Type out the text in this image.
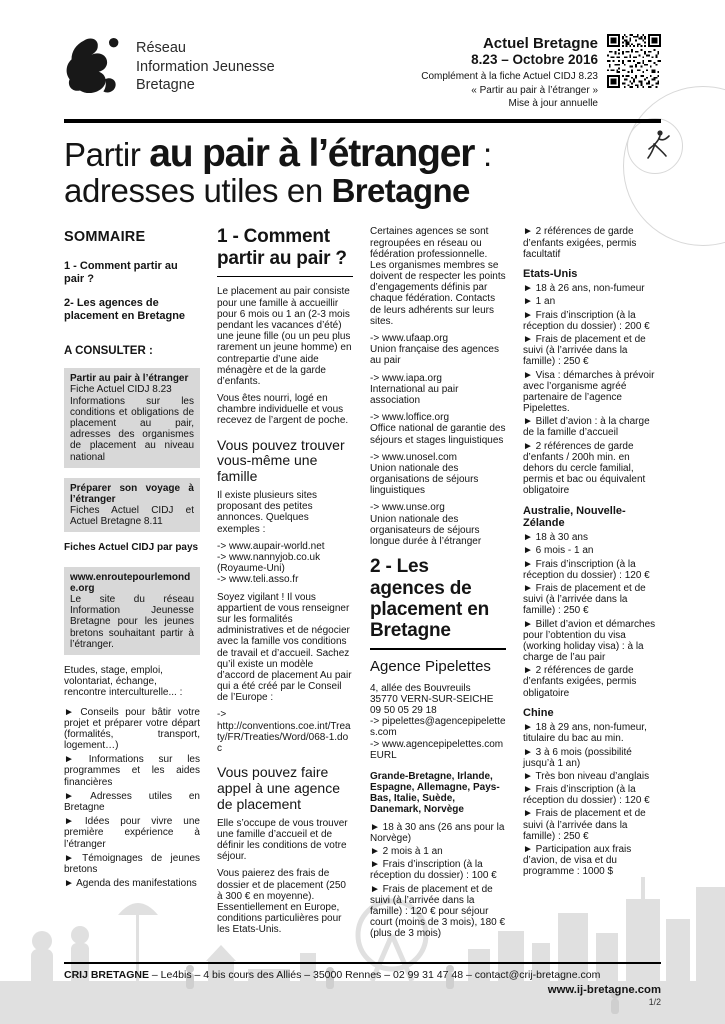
Réseau
Information Jeunesse
Bretagne
Actuel Bretagne
8.23 – Octobre 2016
Complément à la fiche Actuel CIDJ 8.23
« Partir au pair à l’étranger »
Mise à jour annuelle
Partir au pair à l’étranger :
adresses utiles en Bretagne
SOMMAIRE

1 - Comment partir au pair ?

2- Les agences de placement en Bretagne

A CONSULTER :

Partir au pair à l’étranger

Fiche Actuel CIDJ 8.23

Informations sur les conditions et obligations de placement au pair, adresses des organismes de placement au niveau national

Préparer son voyage à l’étranger

Fiches Actuel CIDJ et Actuel Bretagne 8.11

Fiches Actuel CIDJ par pays

www.enroutepourlemonde.org

Le site du réseau Information Jeunesse Bretagne pour les jeunes bretons souhaitant partir à l’étranger.

Etudes, stage, emploi, volontariat, échange, rencontre interculturelle... :

► Conseils pour bâtir votre projet et préparer votre départ (formalités, transport, logement…)

► Informations sur les programmes et les aides financières

► Adresses utiles en Bretagne

► Idées pour vivre une première expérience à l’étranger

► Témoignages de jeunes bretons

► Agenda des manifestations

1 - Comment partir au pair ?

Le placement au pair consiste pour une famille à accueillir pour 6 mois ou 1 an (2-3 mois pendant les vacances d’été) une jeune fille (ou un peu plus rarement un jeune homme) en contrepartie d’une aide ménagère et de la garde d’enfants.

Vous êtes nourri, logé en chambre individuelle et vous recevez de l’argent de poche.

Vous pouvez trouver vous-même une famille

Il existe plusieurs sites proposant des petites annonces. Quelques exemples :

-> www.aupair-world.net

-> www.nannyjob.co.uk (Royaume-Uni)

-> www.teli.asso.fr

Soyez vigilant ! Il vous appartient de vous renseigner sur les formalités administratives et de négocier avec la famille vos conditions de travail et d’accueil. Sachez qu’il existe un modèle d’accord de placement Au pair qui a été créé par le Conseil de l’Europe :

->

http://conventions.coe.int/Treaty/FR/Treaties/Word/068-1.doc

Vous pouvez faire appel à une agence de placement

Elle s’occupe de vous trouver une famille d’accueil et de définir les conditions de votre séjour.

Vous paierez des frais de dossier et de placement (250 à 300 € en moyenne). Essentiellement en Europe, conditions particulières pour les Etats-Unis.

Certaines agences se sont regroupées en réseau ou fédération professionnelle. Les organismes membres se doivent de respecter les points d’engagements définis par chaque fédération. Contacts de leurs adhérents sur leurs sites.

-> www.ufaap.org

Union française des agences au pair

-> www.iapa.org

International au pair association

-> www.loffice.org

Office national de garantie des séjours et stages linguistiques

-> www.unosel.com

Union nationale des organisations de séjours linguistiques

-> www.unse.org

Union nationale des organisateurs de séjours longue durée à l’étranger

2 - Les agences de placement en Bretagne
Agence Pipelettes

4, allée des Bouvreuils

35770 VERN-SUR-SEICHE

09 50 05 29 18

-> pipelettes@agencepipelettes.com

-> www.agencepipelettes.com

EURL

Grande-Bretagne, Irlande, Espagne, Allemagne, Pays-Bas, Italie, Suède, Danemark, Norvège

► 18 à 30 ans (26 ans pour la Norvège)

► 2 mois à 1 an

► Frais d’inscription (à la réception du dossier) : 100 €

► Frais de placement et de suivi (à l’arrivée dans la famille) : 120 € pour séjour court (moins de 3 mois), 180 € (plus de 3 mois)

► 2 références de garde d’enfants exigées, permis facultatif

Etats-Unis

► 18 à 26 ans, non-fumeur

► 1 an

► Frais d’inscription (à la réception du dossier) : 200 €

► Frais de placement et de suivi (à l’arrivée dans la famille) : 250 €

► Visa : démarches à prévoir avec l’organisme agréé partenaire de l’agence Pipelettes.

► Billet d’avion : à la charge de la famille d’accueil

► 2 références de garde d’enfants / 200h min. en dehors du cercle familial, permis et bac ou équivalent obligatoire

Australie, Nouvelle-Zélande

► 18 à 30 ans

► 6 mois - 1 an

► Frais d’inscription (à la réception du dossier) : 120 €

► Frais de placement et de suivi (à l’arrivée dans la famille) : 250 €

► Billet d’avion et démarches pour l’obtention du visa (working holiday visa) : à la charge de l’au pair

► 2 références de garde d’enfants exigées, permis obligatoire

Chine

► 18 à 29 ans, non-fumeur, titulaire du bac au min.

► 3 à 6 mois (possibilité jusqu’à 1 an)

► Très bon niveau d’anglais

► Frais d’inscription (à la réception du dossier) : 120 €

► Frais de placement et de suivi (à l’arrivée dans la famille) : 250 €

► Participation aux frais d’avion, de visa et du programme : 1000 $

CRIJ BRETAGNE – Le4bis – 4 bis cours des Alliés – 35000 Rennes – 02 99 31 47 48 – contact@crij-bretagne.com

www.ij-bretagne.com
1/2
